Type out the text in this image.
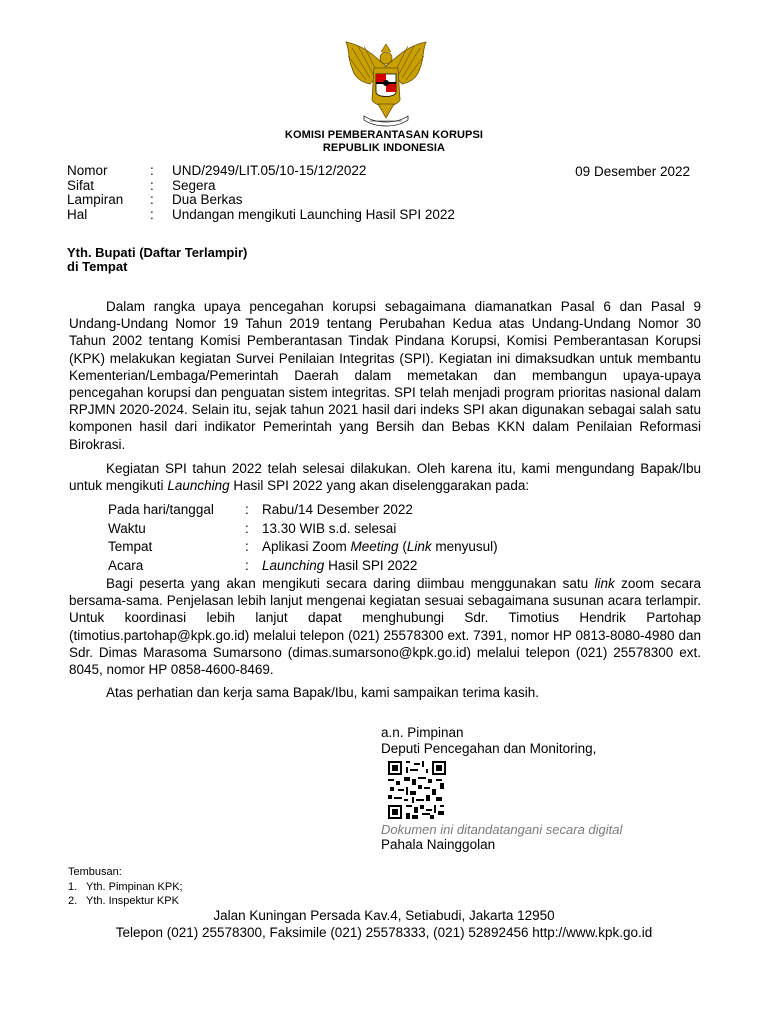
KOMISI PEMBERANTASAN KORUPSI
REPUBLIK INDONESIA
Nomor	:	UND/2949/LIT.05/10-15/12/2022
Sifat	:	Segera
Lampiran	:	Dua Berkas
Hal	:	Undangan mengikuti Launching Hasil SPI 2022
09 Desember 2022
Yth. Bupati (Daftar Terlampir)
di Tempat

Dalam rangka upaya pencegahan korupsi sebagaimana diamanatkan Pasal 6 dan Pasal 9 Undang-Undang Nomor 19 Tahun 2019 tentang Perubahan Kedua atas Undang-Undang Nomor 30 Tahun 2002 tentang Komisi Pemberantasan Tindak Pindana Korupsi, Komisi Pemberantasan Korupsi (KPK) melakukan kegiatan Survei Penilaian Integritas (SPI). Kegiatan ini dimaksudkan untuk membantu Kementerian/Lembaga/Pemerintah Daerah dalam memetakan dan membangun upaya-upaya pencegahan korupsi dan penguatan sistem integritas. SPI telah menjadi program prioritas nasional dalam RPJMN 2020-2024. Selain itu, sejak tahun 2021 hasil dari indeks SPI akan digunakan sebagai salah satu komponen hasil dari indikator Pemerintah yang Bersih dan Bebas KKN dalam Penilaian Reformasi Birokrasi.

Kegiatan SPI tahun 2022 telah selesai dilakukan. Oleh karena itu, kami mengundang Bapak/Ibu untuk mengikuti Launching Hasil SPI 2022 yang akan diselenggarakan pada:

Pada hari/tanggal	: Rabu/14 Desember 2022
Waktu	: 13.30 WIB s.d. selesai
Tempat	: Aplikasi Zoom Meeting (Link menyusul)
Acara	: Launching Hasil SPI 2022

Bagi peserta yang akan mengikuti secara daring diimbau menggunakan satu link zoom secara bersama-sama. Penjelasan lebih lanjut mengenai kegiatan sesuai sebagaimana susunan acara terlampir. Untuk koordinasi lebih lanjut dapat menghubungi Sdr. Timotius Hendrik Partohap (timotius.partohap@kpk.go.id) melalui telepon (021) 25578300 ext. 7391, nomor HP 0813-8080-4980 dan Sdr. Dimas Marasoma Sumarsono (dimas.sumarsono@kpk.go.id) melalui telepon (021) 25578300 ext. 8045, nomor HP 0858-4600-8469.

Atas perhatian dan kerja sama Bapak/Ibu, kami sampaikan terima kasih.

a.n. Pimpinan
Deputi Pencegahan dan Monitoring,
Dokumen ini ditandatangani secara digital
Pahala Nainggolan
Tembusan:
1. Yth. Pimpinan KPK;
2. Yth. Inspektur KPK
Jalan Kuningan Persada Kav.4, Setiabudi, Jakarta 12950
Telepon (021) 25578300, Faksimile (021) 25578333, (021) 52892456 http://www.kpk.go.id
